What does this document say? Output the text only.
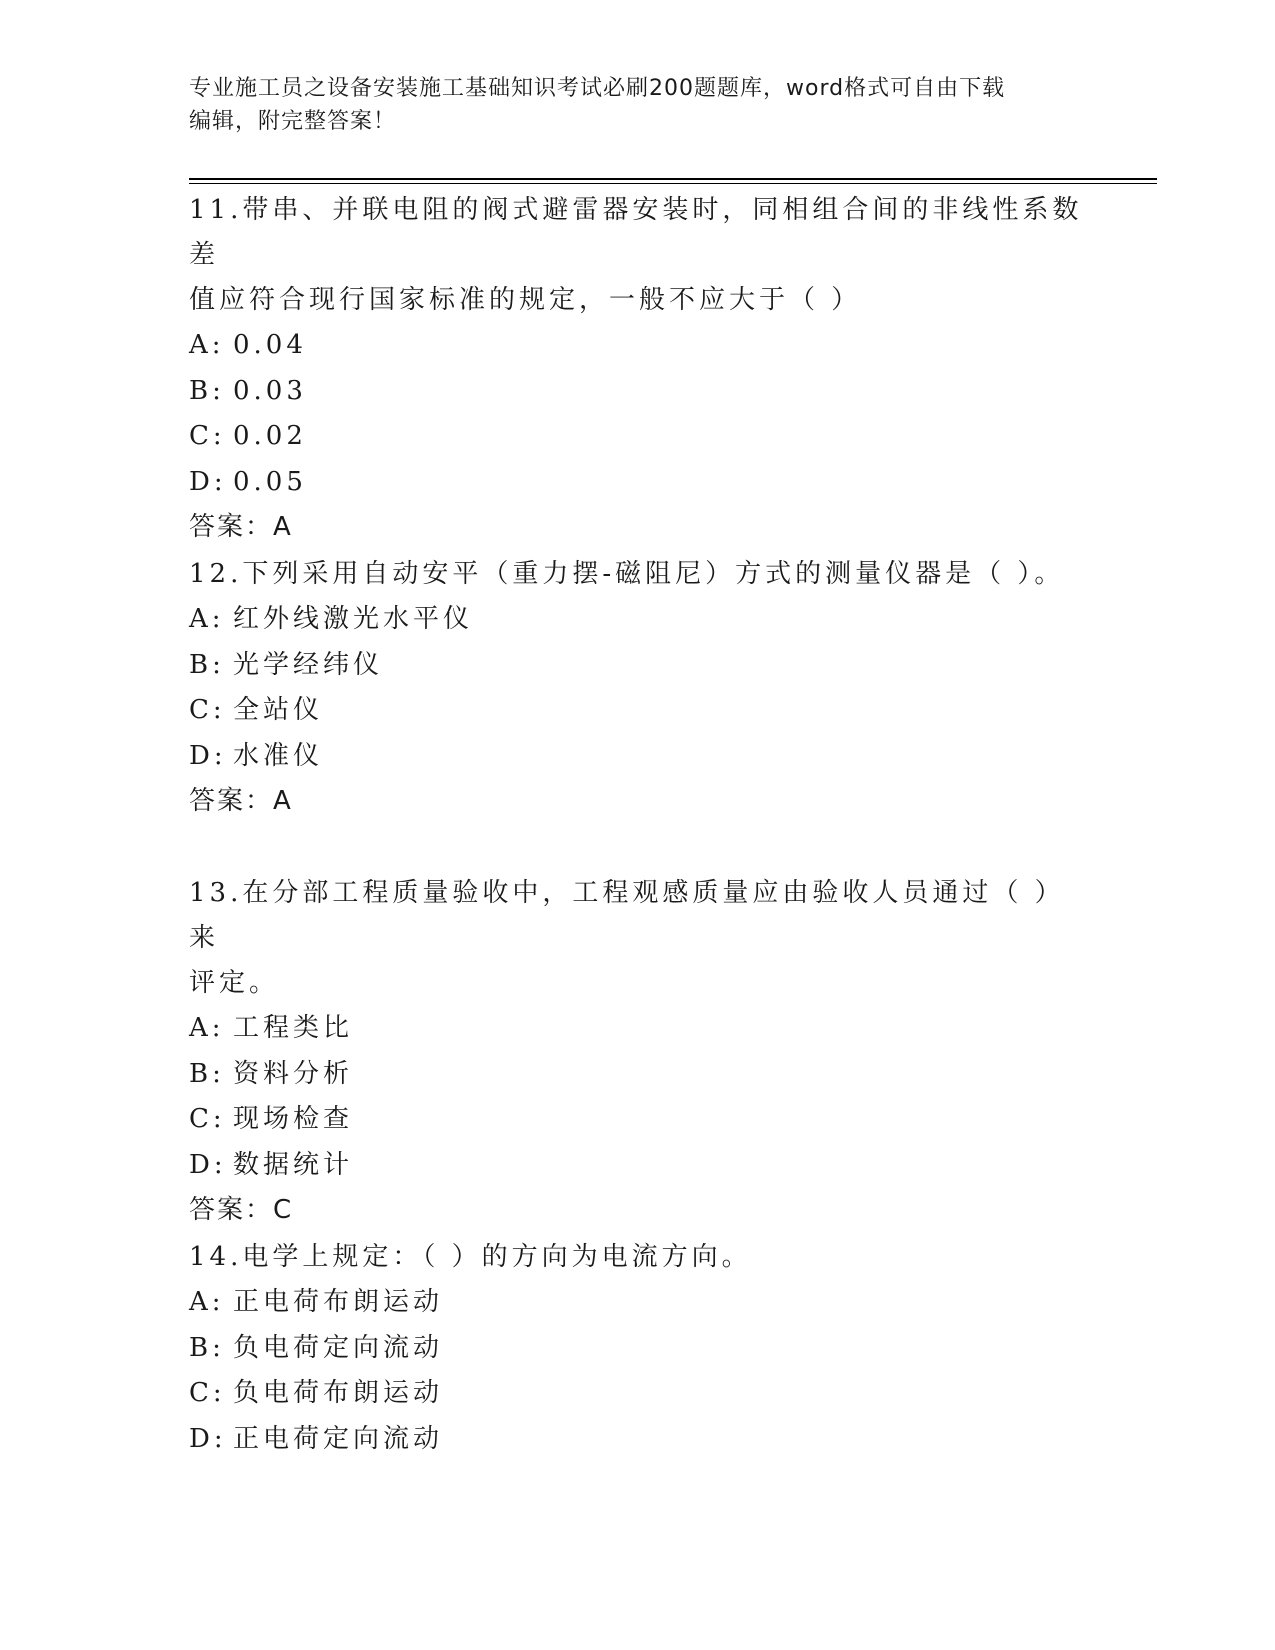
专业施工员之设备安装施工基础知识考试必刷200题题库，word格式可自由下载
编辑，附完整答案！

11.带串、并联电阻的阀式避雷器安装时，同相组合间的非线性系数差
值应符合现行国家标准的规定，一般不应大于（ ）

A: 0.04

B: 0.03

C: 0.02

D: 0.05

答案：A

12.下列采用自动安平（重力摆-磁阻尼）方式的测量仪器是（ ）。

A: 红外线激光水平仪

B: 光学经纬仪

C: 全站仪

D: 水准仪

答案：A

13.在分部工程质量验收中，工程观感质量应由验收人员通过（ ）来
评定。

A: 工程类比

B: 资料分析

C: 现场检查

D: 数据统计

答案：C

14.电学上规定：（ ）的方向为电流方向。

A: 正电荷布朗运动

B: 负电荷定向流动

C: 负电荷布朗运动

D: 正电荷定向流动
